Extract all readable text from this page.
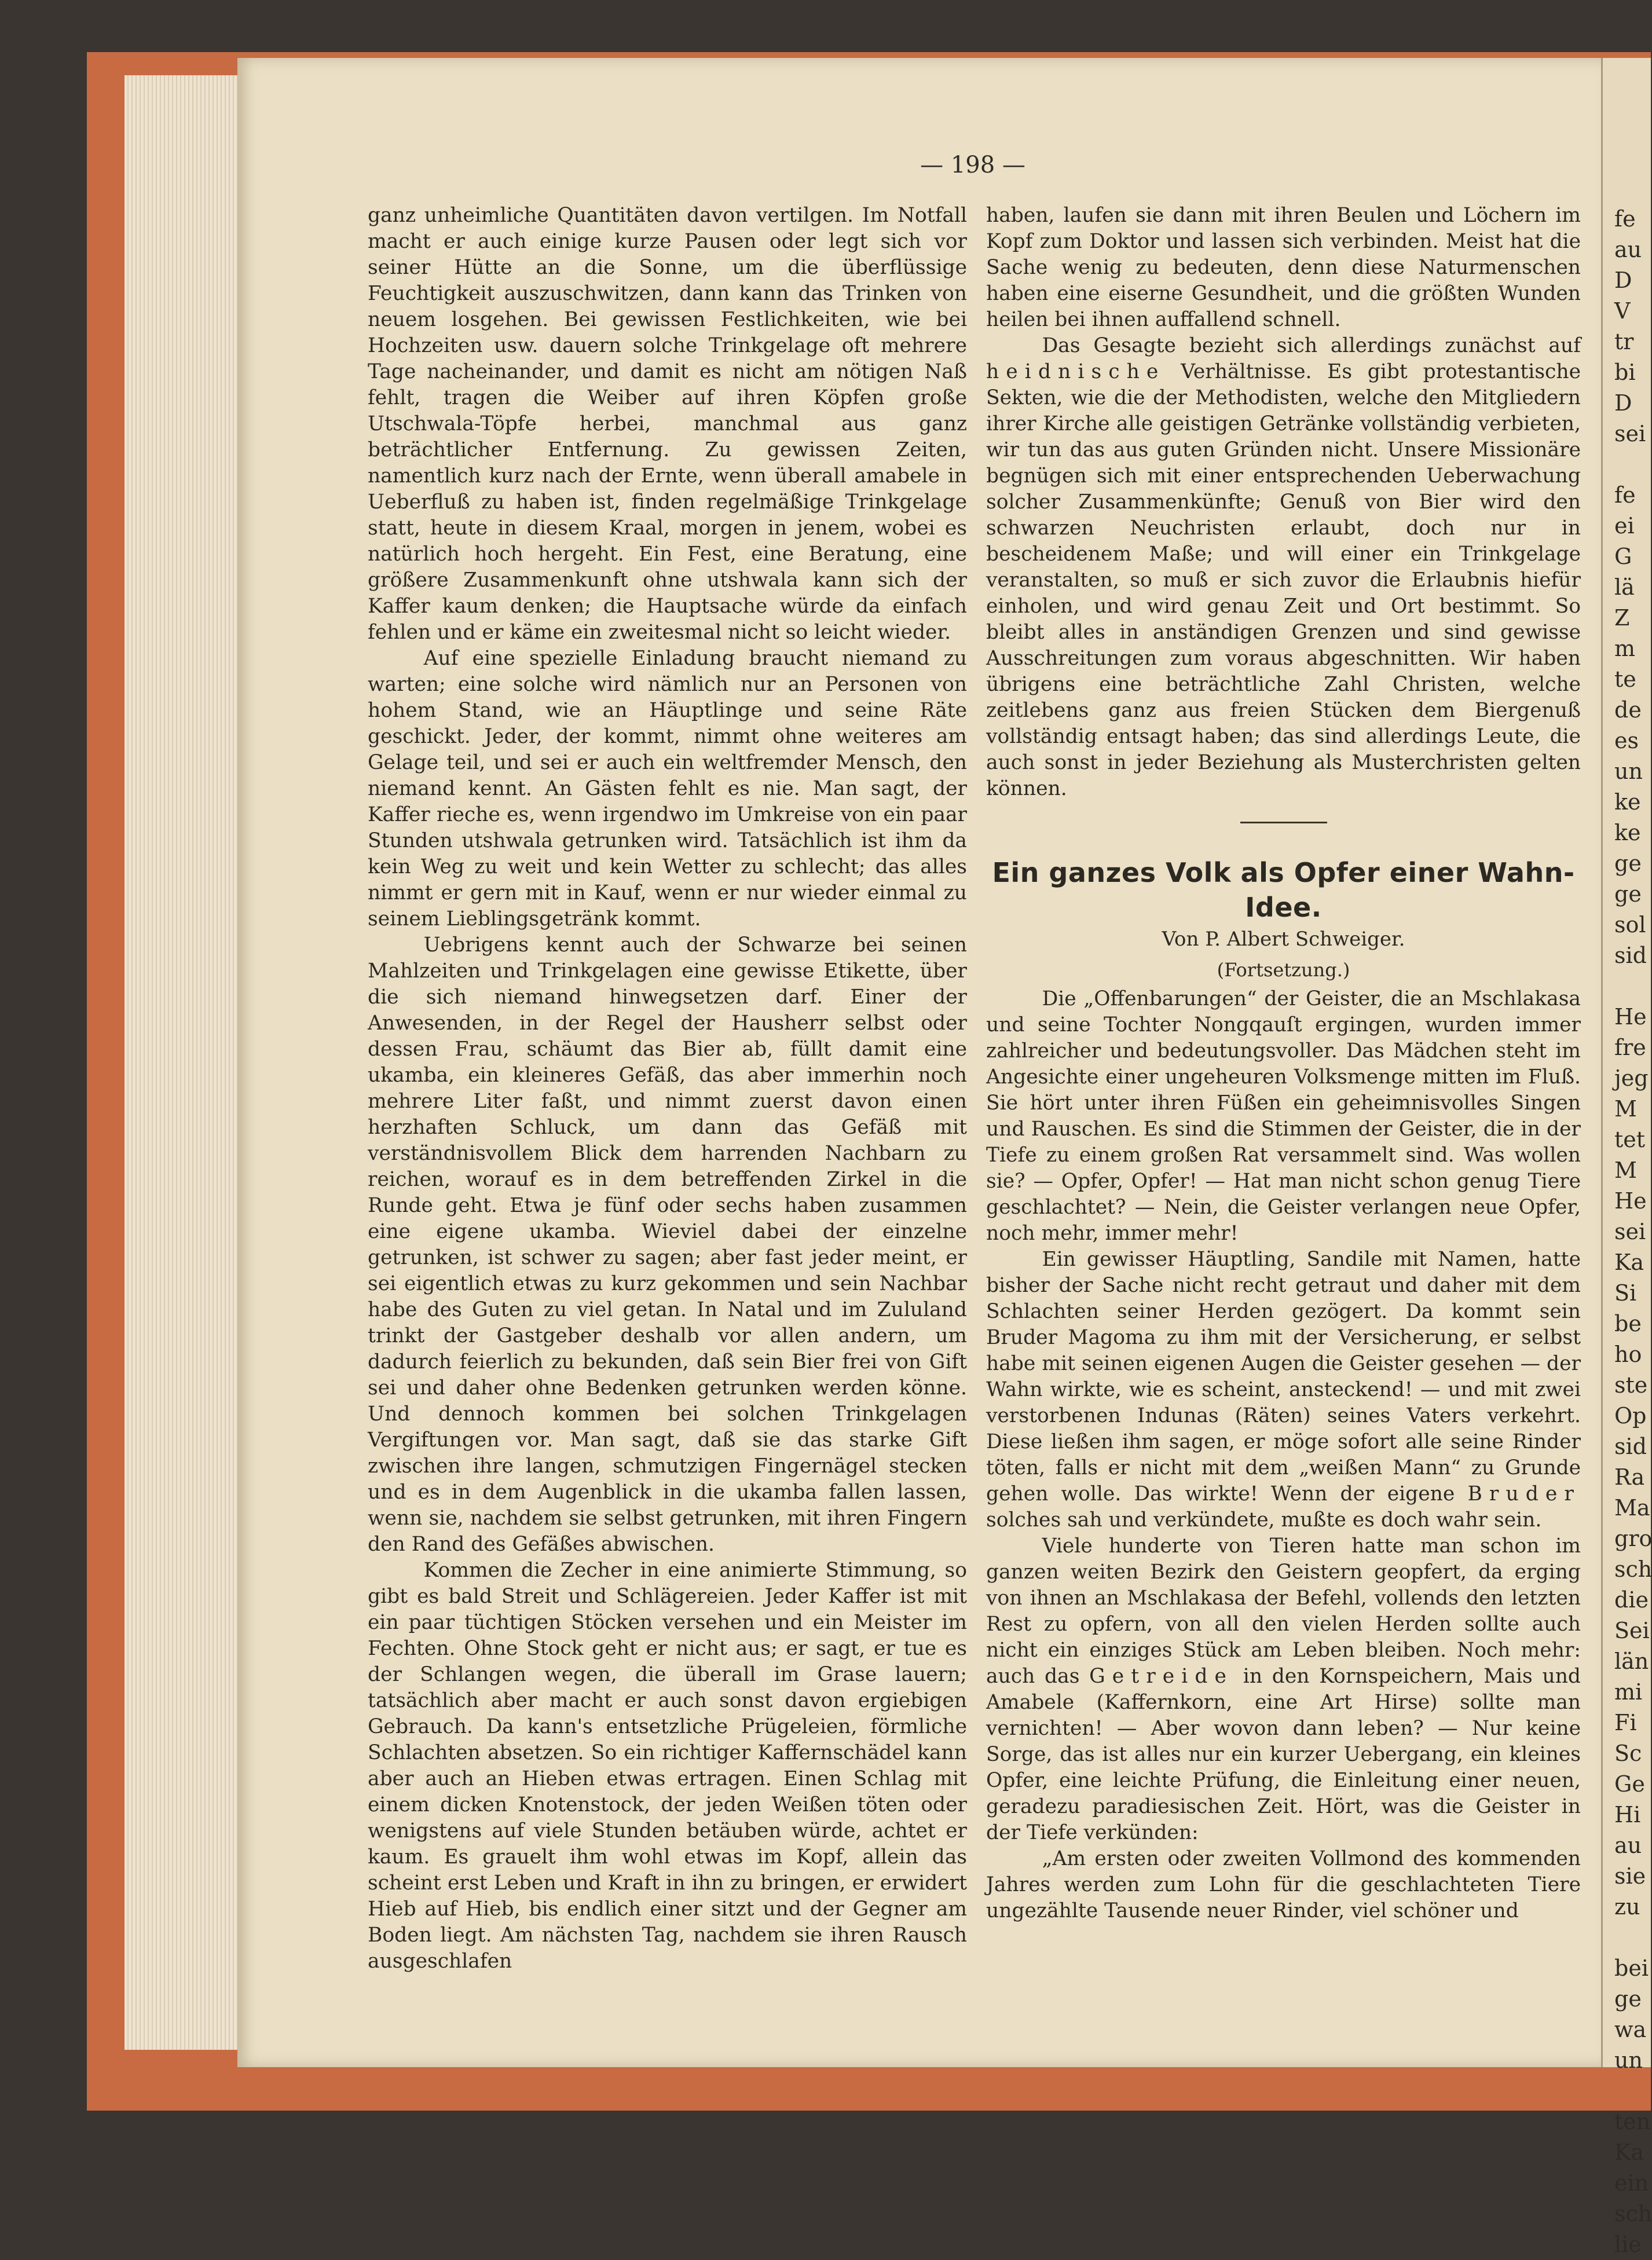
— 198 —

ganz unheimliche Quantitäten davon vertilgen. Im Notfall macht er auch einige kurze Pausen oder legt sich vor seiner Hütte an die Sonne, um die überflüssige Feuchtigkeit auszuschwitzen, dann kann das Trinken von neuem losgehen. Bei gewissen Festlichkeiten, wie bei Hochzeiten usw. dauern solche Trinkgelage oft mehrere Tage nacheinander, und damit es nicht am nötigen Naß fehlt, tragen die Weiber auf ihren Köpfen große Utschwala-Töpfe herbei, manchmal aus ganz beträchtlicher Entfernung. Zu gewissen Zeiten, namentlich kurz nach der Ernte, wenn überall amabele in Ueberfluß zu haben ist, finden regelmäßige Trinkgelage statt, heute in diesem Kraal, morgen in jenem, wobei es natürlich hoch hergeht. Ein Fest, eine Beratung, eine größere Zusammenkunft ohne utshwala kann sich der Kaffer kaum denken; die Hauptsache würde da einfach fehlen und er käme ein zweitesmal nicht so leicht wieder.

Auf eine spezielle Einladung braucht niemand zu warten; eine solche wird nämlich nur an Personen von hohem Stand, wie an Häuptlinge und seine Räte geschickt. Jeder, der kommt, nimmt ohne weiteres am Gelage teil, und sei er auch ein weltfremder Mensch, den niemand kennt. An Gästen fehlt es nie. Man sagt, der Kaffer rieche es, wenn irgendwo im Umkreise von ein paar Stunden utshwala getrunken wird. Tatsächlich ist ihm da kein Weg zu weit und kein Wetter zu schlecht; das alles nimmt er gern mit in Kauf, wenn er nur wieder einmal zu seinem Lieblingsgetränk kommt.

Uebrigens kennt auch der Schwarze bei seinen Mahlzeiten und Trinkgelagen eine gewisse Etikette, über die sich niemand hinwegsetzen darf. Einer der Anwesenden, in der Regel der Hausherr selbst oder dessen Frau, schäumt das Bier ab, füllt damit eine ukamba, ein kleineres Gefäß, das aber immerhin noch mehrere Liter faßt, und nimmt zuerst davon einen herzhaften Schluck, um dann das Gefäß mit verständnisvollem Blick dem harrenden Nachbarn zu reichen, worauf es in dem betreffenden Zirkel in die Runde geht. Etwa je fünf oder sechs haben zusammen eine eigene ukamba. Wieviel dabei der einzelne getrunken, ist schwer zu sagen; aber fast jeder meint, er sei eigentlich etwas zu kurz gekommen und sein Nachbar habe des Guten zu viel getan. In Natal und im Zululand trinkt der Gastgeber deshalb vor allen andern, um dadurch feierlich zu bekunden, daß sein Bier frei von Gift sei und daher ohne Bedenken getrunken werden könne. Und dennoch kommen bei solchen Trinkgelagen Vergiftungen vor. Man sagt, daß sie das starke Gift zwischen ihre langen, schmutzigen Fingernägel stecken und es in dem Augenblick in die ukamba fallen lassen, wenn sie, nachdem sie selbst getrunken, mit ihren Fingern den Rand des Gefäßes abwischen.

Kommen die Zecher in eine animierte Stimmung, so gibt es bald Streit und Schlägereien. Jeder Kaffer ist mit ein paar tüchtigen Stöcken versehen und ein Meister im Fechten. Ohne Stock geht er nicht aus; er sagt, er tue es der Schlangen wegen, die überall im Grase lauern; tatsächlich aber macht er auch sonst davon ergiebigen Gebrauch. Da kann's entsetzliche Prügeleien, förmliche Schlachten absetzen. So ein richtiger Kaffernschädel kann aber auch an Hieben etwas ertragen. Einen Schlag mit einem dicken Knotenstock, der jeden Weißen töten oder wenigstens auf viele Stunden betäuben würde, achtet er kaum. Es grauelt ihm wohl etwas im Kopf, allein das scheint erst Leben und Kraft in ihn zu bringen, er erwidert Hieb auf Hieb, bis endlich einer sitzt und der Gegner am Boden liegt. Am nächsten Tag, nachdem sie ihren Rausch ausgeschlafen

haben, laufen sie dann mit ihren Beulen und Löchern im Kopf zum Doktor und lassen sich verbinden. Meist hat die Sache wenig zu bedeuten, denn diese Naturmenschen haben eine eiserne Gesundheit, und die größten Wunden heilen bei ihnen auffallend schnell.

Das Gesagte bezieht sich allerdings zunächst auf heidnische Verhältnisse. Es gibt protestantische Sekten, wie die der Methodisten, welche den Mitgliedern ihrer Kirche alle geistigen Getränke vollständig verbieten, wir tun das aus guten Gründen nicht. Unsere Missionäre begnügen sich mit einer entsprechenden Ueberwachung solcher Zusammenkünfte; Genuß von Bier wird den schwarzen Neuchristen erlaubt, doch nur in bescheidenem Maße; und will einer ein Trinkgelage veranstalten, so muß er sich zuvor die Erlaubnis hiefür einholen, und wird genau Zeit und Ort bestimmt. So bleibt alles in anständigen Grenzen und sind gewisse Ausschreitungen zum voraus abgeschnitten. Wir haben übrigens eine beträchtliche Zahl Christen, welche zeitlebens ganz aus freien Stücken dem Biergenuß vollständig entsagt haben; das sind allerdings Leute, die auch sonst in jeder Beziehung als Musterchristen gelten können.

Ein ganzes Volk als Opfer einer Wahn-Idee.
Von P. Albert Schweiger.
(Fortsetzung.)

Die „Offenbarungen“ der Geister, die an Mschlakasa und seine Tochter Nongqauſt ergingen, wurden immer zahlreicher und bedeutungsvoller. Das Mädchen steht im Angesichte einer ungeheuren Volksmenge mitten im Fluß. Sie hört unter ihren Füßen ein geheimnisvolles Singen und Rauschen. Es sind die Stimmen der Geister, die in der Tiefe zu einem großen Rat versammelt sind. Was wollen sie? — Opfer, Opfer! — Hat man nicht schon genug Tiere geschlachtet? — Nein, die Geister verlangen neue Opfer, noch mehr, immer mehr!

Ein gewisser Häuptling, Sandile mit Namen, hatte bisher der Sache nicht recht getraut und daher mit dem Schlachten seiner Herden gezögert. Da kommt sein Bruder Magoma zu ihm mit der Versicherung, er selbst habe mit seinen eigenen Augen die Geister gesehen — der Wahn wirkte, wie es scheint, ansteckend! — und mit zwei verstorbenen Indunas (Räten) seines Vaters verkehrt. Diese ließen ihm sagen, er möge sofort alle seine Rinder töten, falls er nicht mit dem „weißen Mann“ zu Grunde gehen wolle. Das wirkte! Wenn der eigene Bruder solches sah und verkündete, mußte es doch wahr sein.

Viele hunderte von Tieren hatte man schon im ganzen weiten Bezirk den Geistern geopfert, da erging von ihnen an Mschlakasa der Befehl, vollends den letzten Rest zu opfern, von all den vielen Herden sollte auch nicht ein einziges Stück am Leben bleiben. Noch mehr: auch das Getreide in den Kornspeichern, Mais und Amabele (Kaffernkorn, eine Art Hirse) sollte man vernichten! — Aber wovon dann leben? — Nur keine Sorge, das ist alles nur ein kurzer Uebergang, ein kleines Opfer, eine leichte Prüfung, die Einleitung einer neuen, geradezu paradiesischen Zeit. Hört, was die Geister in der Tiefe verkünden:

„Am ersten oder zweiten Vollmond des kommenden Jahres werden zum Lohn für die geschlachteten Tiere ungezählte Tausende neuer Rinder, viel schöner und

fe
au
D
V
tr
bi
D
sei

fe
ei
G
lä
Z
m
te
de
es
un
ke
ke
ge
ge
sol
sid

He
fre
jeg
M
tet
M
He
sei
Ka
Si
be
ho
ste
Op
sid
Ra
Ma
gro
sch
die
Sei
län
mi
Fi
Sc
Ge
Hi
au
sie
zu

bei
ge
wa
un

ten
Ka
ein
sch
lie
